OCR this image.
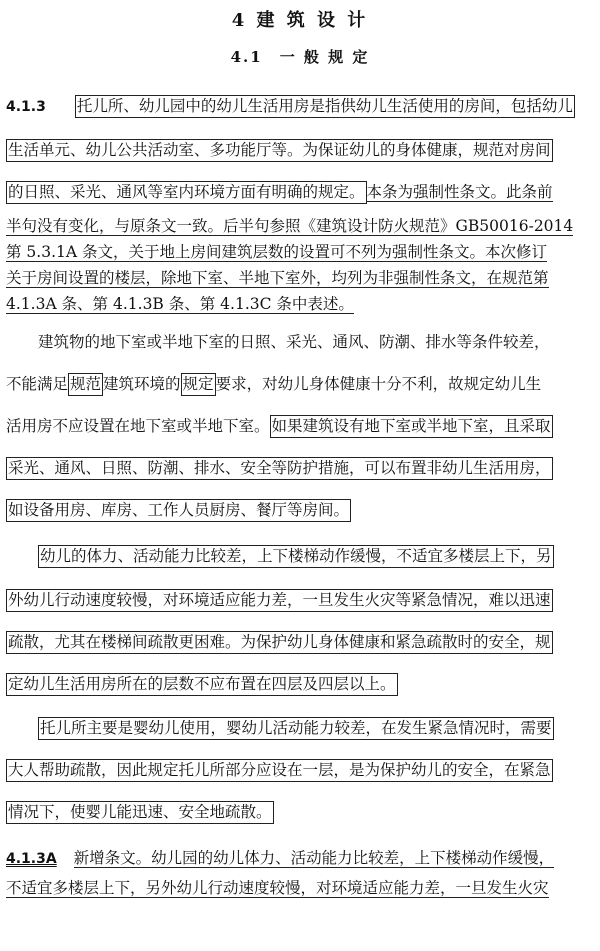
4 建 筑 设 计
4.1　一 般 规 定
4.1.3 托儿所、幼儿园中的幼儿生活用房是指供幼儿生活使用的房间，包括幼儿
生活单元、幼儿公共活动室、多功能厅等。为保证幼儿的身体健康，规范对房间
的日照、采光、通风等室内环境方面有明确的规定。 本条为强制性条文。此条前
半句没有变化，与原条文一致。后半句参照《建筑设计防火规范》GB50016-2014
第 5.3.1A 条文，关于地上房间建筑层数的设置可不列为强制性条文。本次修订
关于房间设置的楼层，除地下室、半地下室外，均列为非强制性条文，在规范第
4.1.3A 条、第 4.1.3B 条、第 4.1.3C 条中表述。
建筑物的地下室或半地下室的日照、采光、通风、防潮、排水等条件较差，
不能满足 规范 建筑环境的 规定 要求，对幼儿身体健康十分不利，故规定幼儿生
活用房不应设置在地下室或半地下室。 如果建筑设有地下室或半地下室，且采取
采光、通风、日照、防潮、排水、安全等防护措施，可以布置非幼儿生活用房，
如设备用房、库房、工作人员厨房、餐厅等房间。
幼儿的体力、活动能力比较差，上下楼梯动作缓慢，不适宜多楼层上下，另
外幼儿行动速度较慢，对环境适应能力差，一旦发生火灾等紧急情况，难以迅速
疏散，尤其在楼梯间疏散更困难。为保护幼儿身体健康和紧急疏散时的安全，规
定幼儿生活用房所在的层数不应布置在四层及四层以上。
托儿所主要是婴幼儿使用，婴幼儿活动能力较差，在发生紧急情况时，需要
大人帮助疏散，因此规定托儿所部分应设在一层，是为保护幼儿的安全，在紧急
情况下，使婴儿能迅速、安全地疏散。
4.1.3A 新增条文。幼儿园的幼儿体力、活动能力比较差，上下楼梯动作缓慢，
不适宜多楼层上下，另外幼儿行动速度较慢，对环境适应能力差，一旦发生火灾
